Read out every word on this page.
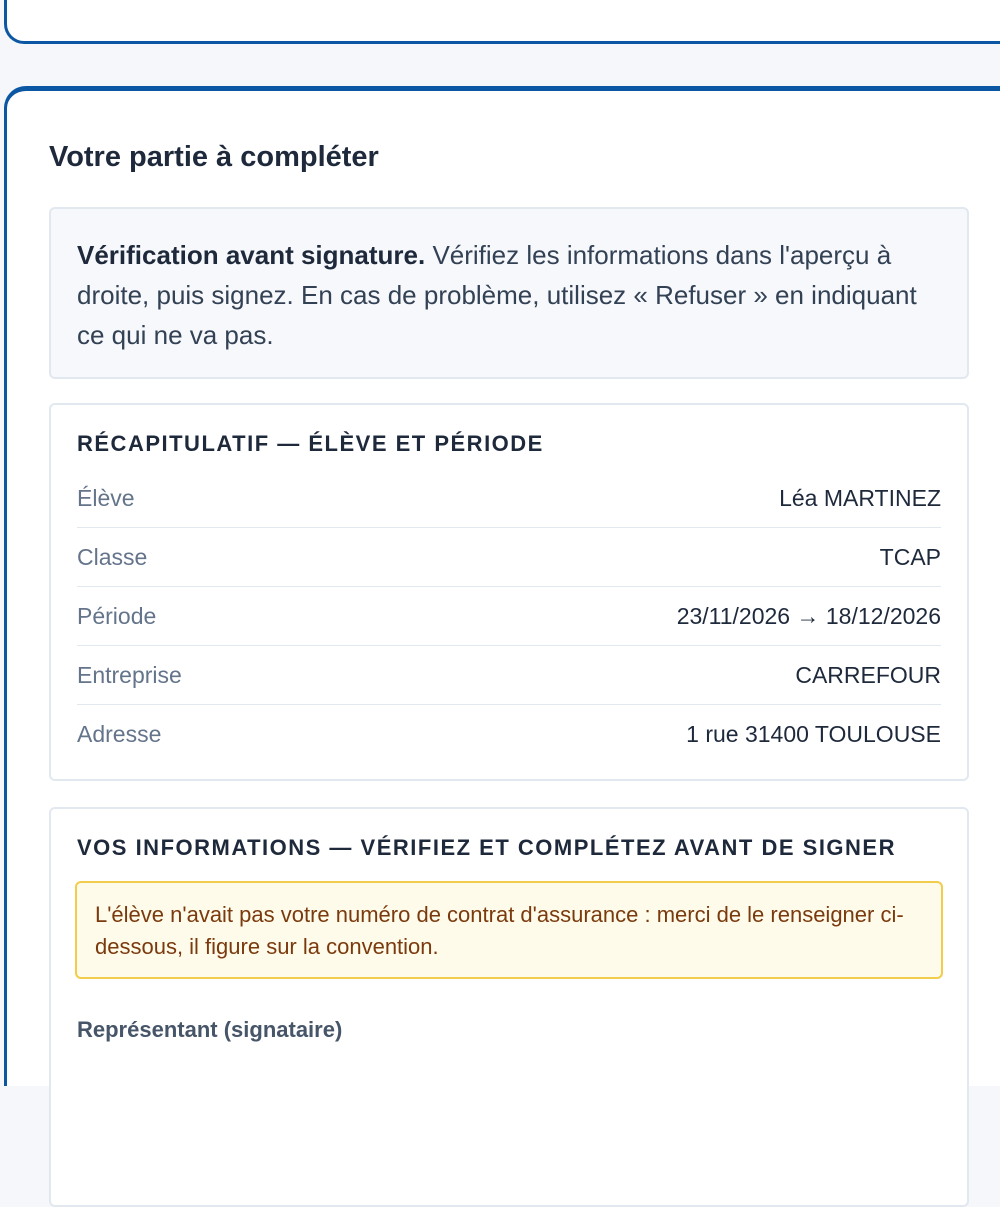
Votre partie à compléter
Vérification avant signature. Vérifiez les informations dans l'aperçu à droite, puis signez. En cas de problème, utilisez « Refuser » en indiquant ce qui ne va pas.
RÉCAPITULATIF — ÉLÈVE ET PÉRIODE
Élève	Léa MARTINEZ
Classe	TCAP
Période	23/11/2026 → 18/12/2026
Entreprise	CARREFOUR
Adresse	1 rue 31400 TOULOUSE
VOS INFORMATIONS — VÉRIFIEZ ET COMPLÉTEZ AVANT DE SIGNER
L'élève n'avait pas votre numéro de contrat d'assurance : merci de le renseigner ci-dessous, il figure sur la convention.
Représentant (signataire)
